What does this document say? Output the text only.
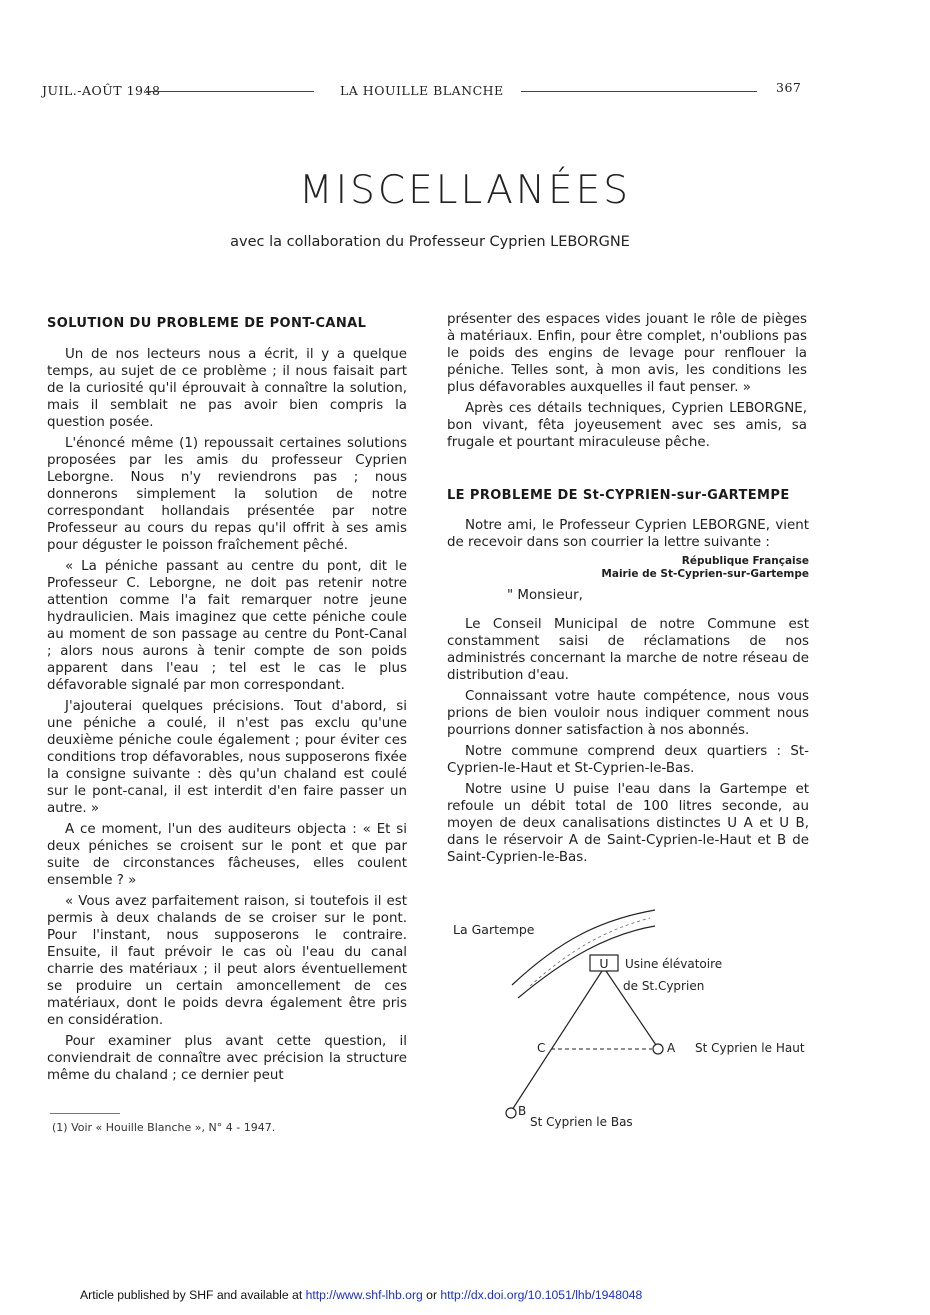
JUIL.-AOÛT 1948	LA HOUILLE BLANCHE	367
MISCELLANÉES
avec la collaboration du Professeur Cyprien LEBORGNE
SOLUTION DU PROBLEME DE PONT-CANAL

Un de nos lecteurs nous a écrit, il y a quelque temps, au sujet de ce problème ; il nous faisait part de la curiosité qu'il éprouvait à connaître la solution, mais il semblait ne pas avoir bien compris la question posée.

L'énoncé même (1) repoussait certaines solutions proposées par les amis du professeur Cyprien Leborgne. Nous n'y reviendrons pas ; nous donnerons simplement la solution de notre correspondant hollandais présentée par notre Professeur au cours du repas qu'il offrit à ses amis pour déguster le poisson fraîchement pêché.

« La péniche passant au centre du pont, dit le Professeur C. Leborgne, ne doit pas retenir notre attention comme l'a fait remarquer notre jeune hydraulicien. Mais imaginez que cette péniche coule au moment de son passage au centre du Pont-Canal ; alors nous aurons à tenir compte de son poids apparent dans l'eau ; tel est le cas le plus défavorable signalé par mon correspondant.

J'ajouterai quelques précisions. Tout d'abord, si une péniche a coulé, il n'est pas exclu qu'une deuxième péniche coule également ; pour éviter ces conditions trop défavorables, nous supposerons fixée la consigne suivante : dès qu'un chaland est coulé sur le pont-canal, il est interdit d'en faire passer un autre. »

A ce moment, l'un des auditeurs objecta : « Et si deux péniches se croisent sur le pont et que par suite de circonstances fâcheuses, elles coulent ensemble ? »

« Vous avez parfaitement raison, si toutefois il est permis à deux chalands de se croiser sur le pont. Pour l'instant, nous supposerons le contraire. Ensuite, il faut prévoir le cas où l'eau du canal charrie des matériaux ; il peut alors éventuellement se produire un certain amoncellement de ces matériaux, dont le poids devra également être pris en considération.

Pour examiner plus avant cette question, il conviendrait de connaître avec précision la structure même du chaland ; ce dernier peut

présenter des espaces vides jouant le rôle de pièges à matériaux. Enfin, pour être complet, n'oublions pas le poids des engins de levage pour renflouer la péniche. Telles sont, à mon avis, les conditions les plus défavorables auxquelles il faut penser. »

Après ces détails techniques, Cyprien LEBORGNE, bon vivant, fêta joyeusement avec ses amis, sa frugale et pourtant miraculeuse pêche.

LE PROBLEME DE St-CYPRIEN-sur-GARTEMPE

Notre ami, le Professeur Cyprien LEBORGNE, vient de recevoir dans son courrier la lettre suivante :

République Française
Mairie de St-Cyprien-sur-Gartempe

" Monsieur,

Le Conseil Municipal de notre Commune est constamment saisi de réclamations de nos administrés concernant la marche de notre réseau de distribution d'eau.

Connaissant votre haute compétence, nous vous prions de bien vouloir nous indiquer comment nous pourrions donner satisfaction à nos abonnés.

Notre commune comprend deux quartiers : St-Cyprien-le-Haut et St-Cyprien-le-Bas.

Notre usine U puise l'eau dans la Gartempe et refoule un débit total de 100 litres seconde, au moyen de deux canalisations distinctes U A et U B, dans le réservoir A de Saint-Cyprien-le-Haut et B de Saint-Cyprien-le-Bas.

La Gartempe
U Usine élévatoire
de St.Cyprien
C	A St Cyprien le Haut
B
St Cyprien le Bas
(1) Voir « Houille Blanche », N° 4 - 1947.
Article published by SHF and available at http://www.shf-lhb.org or http://dx.doi.org/10.1051/lhb/1948048
